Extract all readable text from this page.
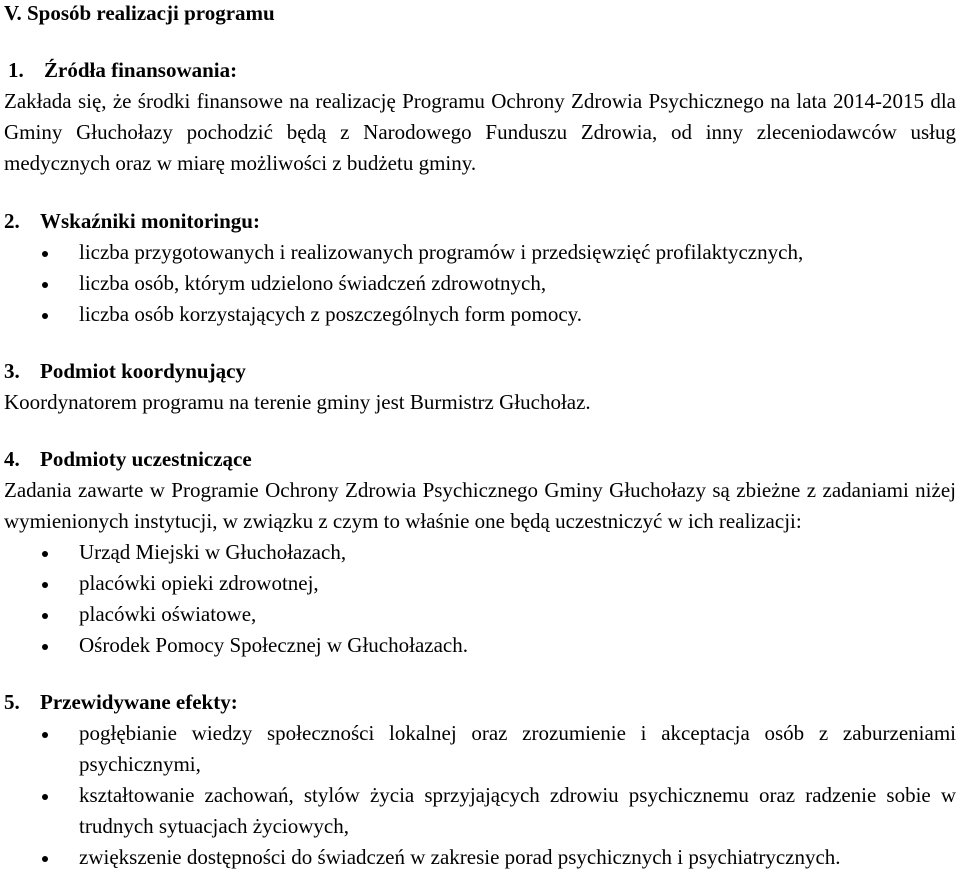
V. Sposób realizacji programu
1. Źródła finansowania:

Zakłada się, że środki finansowe na realizację Programu Ochrony Zdrowia Psychicznego na lata 2014-2015 dla Gminy Głuchołazy pochodzić będą z Narodowego Funduszu Zdrowia, od inny zleceniodawców usług medycznych oraz w miarę możliwości z budżetu gminy.

2. Wskaźniki monitoringu:
liczba przygotowanych i realizowanych programów i przedsięwzięć profilaktycznych,
liczba osób, którym udzielono świadczeń zdrowotnych,
liczba osób korzystających z poszczególnych form pomocy.
3. Podmiot koordynujący

Koordynatorem programu na terenie gminy jest Burmistrz Głuchołaz.

4. Podmioty uczestniczące

Zadania zawarte w Programie Ochrony Zdrowia Psychicznego Gminy Głuchołazy są zbieżne z zadaniami niżej wymienionych instytucji, w związku z czym to właśnie one będą uczestniczyć w ich realizacji:

Urząd Miejski w Głuchołazach,
placówki opieki zdrowotnej,
placówki oświatowe,
Ośrodek Pomocy Społecznej w Głuchołazach.
5. Przewidywane efekty:
pogłębianie wiedzy społeczności lokalnej oraz zrozumienie i akceptacja osób z zaburzeniami psychicznymi,
kształtowanie zachowań, stylów życia sprzyjających zdrowiu psychicznemu oraz radzenie sobie w trudnych sytuacjach życiowych,
zwiększenie dostępności do świadczeń w zakresie porad psychicznych i psychiatrycznych.
